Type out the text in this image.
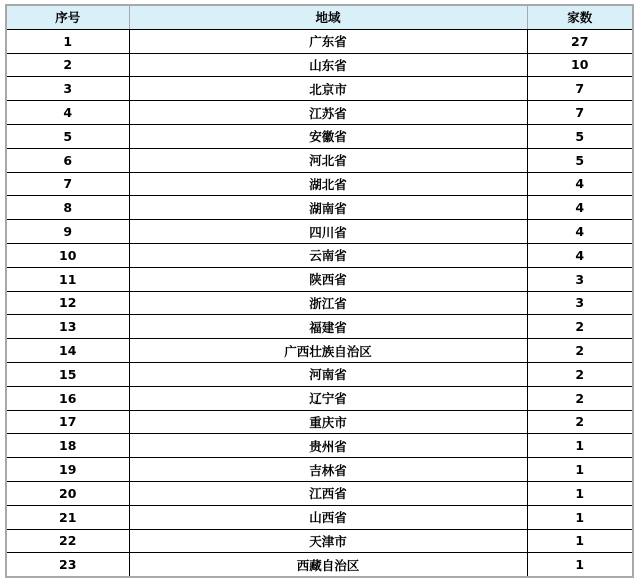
序号	地域	家数
1	广东省	27
2	山东省	10
3	北京市	7
4	江苏省	7
5	安徽省	5
6	河北省	5
7	湖北省	4
8	湖南省	4
9	四川省	4
10	云南省	4
11	陕西省	3
12	浙江省	3
13	福建省	2
14	广西壮族自治区	2
15	河南省	2
16	辽宁省	2
17	重庆市	2
18	贵州省	1
19	吉林省	1
20	江西省	1
21	山西省	1
22	天津市	1
23	西藏自治区	1
